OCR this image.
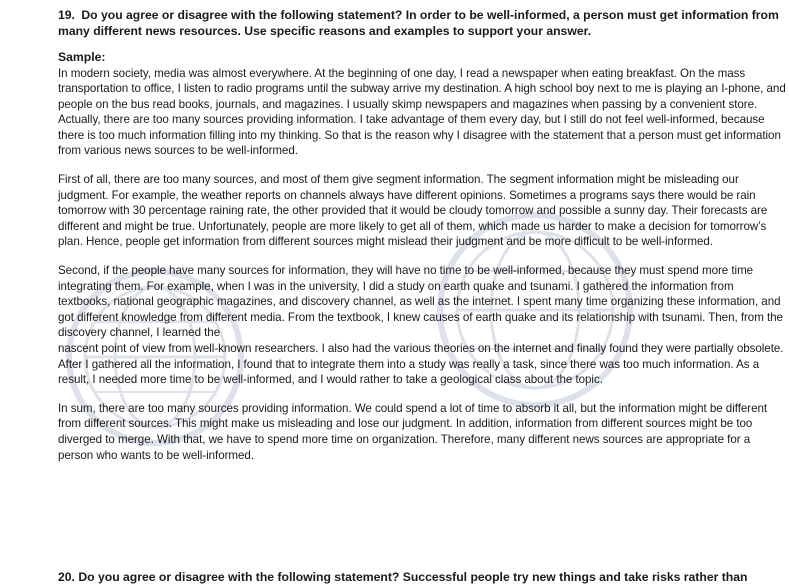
19. Do you agree or disagree with the following statement? In order to be well-informed, a person must get information from many different news resources. Use specific reasons and examples to support your answer.

Sample:

In modern society, media was almost everywhere. At the beginning of one day, I read a newspaper when eating breakfast. On the mass transportation to office, I listen to radio programs until the subway arrive my destination. A high school boy next to me is playing an I-phone, and people on the bus read books, journals, and magazines. I usually skimp newspapers and magazines when passing by a convenient store. Actually, there are too many sources providing information. I take advantage of them every day, but I still do not feel well-informed, because there is too much information filling into my thinking. So that is the reason why I disagree with the statement that a person must get information from various news sources to be well-informed.

First of all, there are too many sources, and most of them give segment information. The segment information might be misleading our judgment. For example, the weather reports on channels always have different opinions. Sometimes a programs says there would be rain tomorrow with 30 percentage raining rate, the other provided that it would be cloudy tomorrow and possible a sunny day. Their forecasts are different and might be true. Unfortunately, people are more likely to get all of them, which made us harder to make a decision for tomorrow’s plan. Hence, people get information from different sources might mislead their judgment and be more difficult to be well-informed.

Second, if the people have many sources for information, they will have no time to be well-informed, because they must spend more time integrating them. For example, when I was in the university, I did a study on earth quake and tsunami. I gathered the information from textbooks, national geographic magazines, and discovery channel, as well as the internet. I spent many time organizing these information, and got different knowledge from different media. From the textbook, I knew causes of earth quake and its relationship with tsunami. Then, from the discovery channel, I learned the

nascent point of view from well-known researchers. I also had the various theories on the internet and finally found they were partially obsolete. After I gathered all the information, I found that to integrate them into a study was really a task, since there was too much information. As a result, I needed more time to be well-informed, and I would rather to take a geological class about the topic.

In sum, there are too many sources providing information. We could spend a lot of time to absorb it all, but the information might be different from different sources. This might make us misleading and lose our judgment. In addition, information from different sources might be too diverged to merge. With that, we have to spend more time on organization. Therefore, many different news sources are appropriate for a person who wants to be well-informed.

20. Do you agree or disagree with the following statement? Successful people try new things and take risks rather than
